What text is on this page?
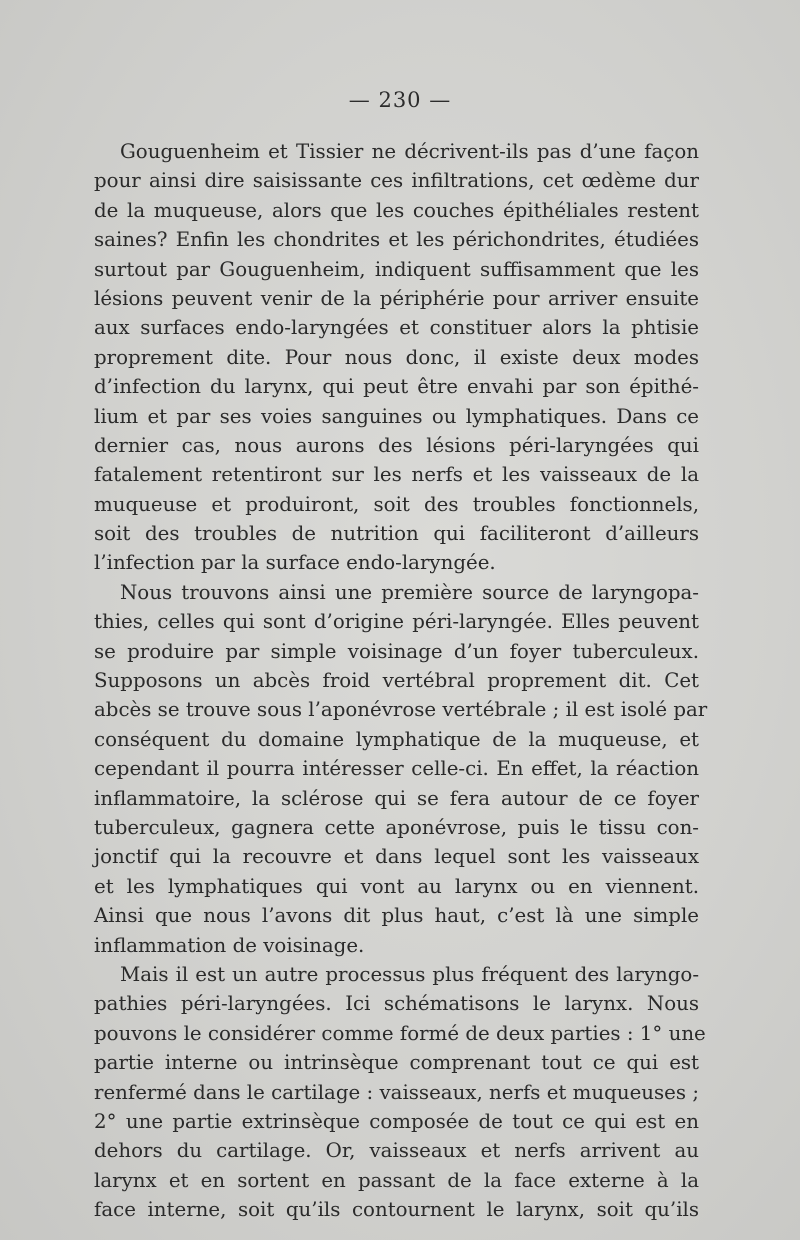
— 230 —
Gouguenheim et Tissier ne décrivent-ils pas d’une façon
pour ainsi dire saisissante ces infiltrations, cet œdème dur
de la muqueuse, alors que les couches épithéliales restent
saines? Enfin les chondrites et les périchondrites, étudiées
surtout par Gouguenheim, indiquent suffisamment que les
lésions peuvent venir de la périphérie pour arriver ensuite
aux surfaces endo-laryngées et constituer alors la phtisie
proprement dite. Pour nous donc, il existe deux modes
d’infection du larynx, qui peut être envahi par son épithé-
lium et par ses voies sanguines ou lymphatiques. Dans ce
dernier cas, nous aurons des lésions péri-laryngées qui
fatalement retentiront sur les nerfs et les vaisseaux de la
muqueuse et produiront, soit des troubles fonctionnels,
soit des troubles de nutrition qui faciliteront d’ailleurs
l’infection par la surface endo-laryngée.
Nous trouvons ainsi une première source de laryngopa-
thies, celles qui sont d’origine péri-laryngée. Elles peuvent
se produire par simple voisinage d’un foyer tuberculeux.
Supposons un abcès froid vertébral proprement dit. Cet
abcès se trouve sous l’aponévrose vertébrale ; il est isolé par
conséquent du domaine lymphatique de la muqueuse, et
cependant il pourra intéresser celle-ci. En effet, la réaction
inflammatoire, la sclérose qui se fera autour de ce foyer
tuberculeux, gagnera cette aponévrose, puis le tissu con-
jonctif qui la recouvre et dans lequel sont les vaisseaux
et les lymphatiques qui vont au larynx ou en viennent.
Ainsi que nous l’avons dit plus haut, c’est là une simple
inflammation de voisinage.
Mais il est un autre processus plus fréquent des laryngo-
pathies péri-laryngées. Ici schématisons le larynx. Nous
pouvons le considérer comme formé de deux parties : 1° une
partie interne ou intrinsèque comprenant tout ce qui est
renfermé dans le cartilage : vaisseaux, nerfs et muqueuses ;
2° une partie extrinsèque composée de tout ce qui est en
dehors du cartilage. Or, vaisseaux et nerfs arrivent au
larynx et en sortent en passant de la face externe à la
face interne, soit qu’ils contournent le larynx, soit qu’ils
